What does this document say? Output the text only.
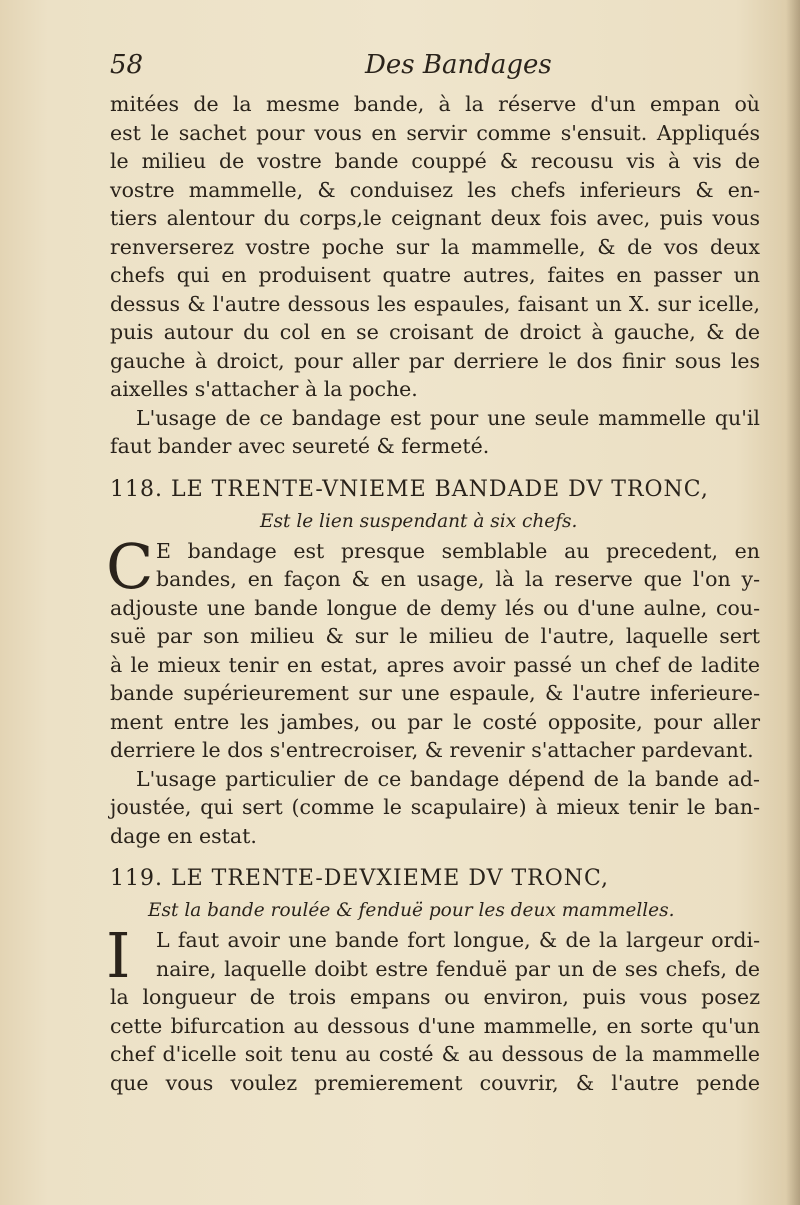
58	Des Bandages
mitées de la mesme bande, à la réserve d'un empan où
est le sachet pour vous en servir comme s'ensuit. Appliqués
le milieu de vostre bande couppé & recousu vis à vis de
vostre mammelle, & conduisez les chefs inferieurs & en-
tiers alentour du corps,le ceignant deux fois avec, puis vous
renverserez vostre poche sur la mammelle, & de vos deux
chefs qui en produisent quatre autres, faites en passer un
dessus & l'autre dessous les espaules, faisant un X. sur icelle,
puis autour du col en se croisant de droict à gauche, & de
gauche à droict, pour aller par derriere le dos finir sous les
aixelles s'attacher à la poche.
L'usage de ce bandage est pour une seule mammelle qu'il
faut bander avec seureté & fermeté.
118. LE TRENTE-VNIEME BANDADE DV TRONC,
Est le lien suspendant à six chefs.
C E bandage est presque semblable au precedent, en
bandes, en façon & en usage, là la reserve que l'on y-
adjouste une bande longue de demy lés ou d'une aulne, cou-
suë par son milieu & sur le milieu de l'autre, laquelle sert
à le mieux tenir en estat, apres avoir passé un chef de ladite
bande supérieurement sur une espaule, & l'autre inferieure-
ment entre les jambes, ou par le costé opposite, pour aller
derriere le dos s'entrecroiser, & revenir s'attacher pardevant.
L'usage particulier de ce bandage dépend de la bande ad-
joustée, qui sert (comme le scapulaire) à mieux tenir le ban-
dage en estat.
119. LE TRENTE-DEVXIEME DV TRONC,
Est la bande roulée & fenduë pour les deux mammelles.
I	L faut avoir une bande fort longue, & de la largeur ordi-
naire, laquelle doibt estre fenduë par un de ses chefs, de
la longueur de trois empans ou environ, puis vous posez
cette bifurcation au dessous d'une mammelle, en sorte qu'un
chef d'icelle soit tenu au costé & au dessous de la mammelle
que vous voulez premierement couvrir, & l'autre pende
